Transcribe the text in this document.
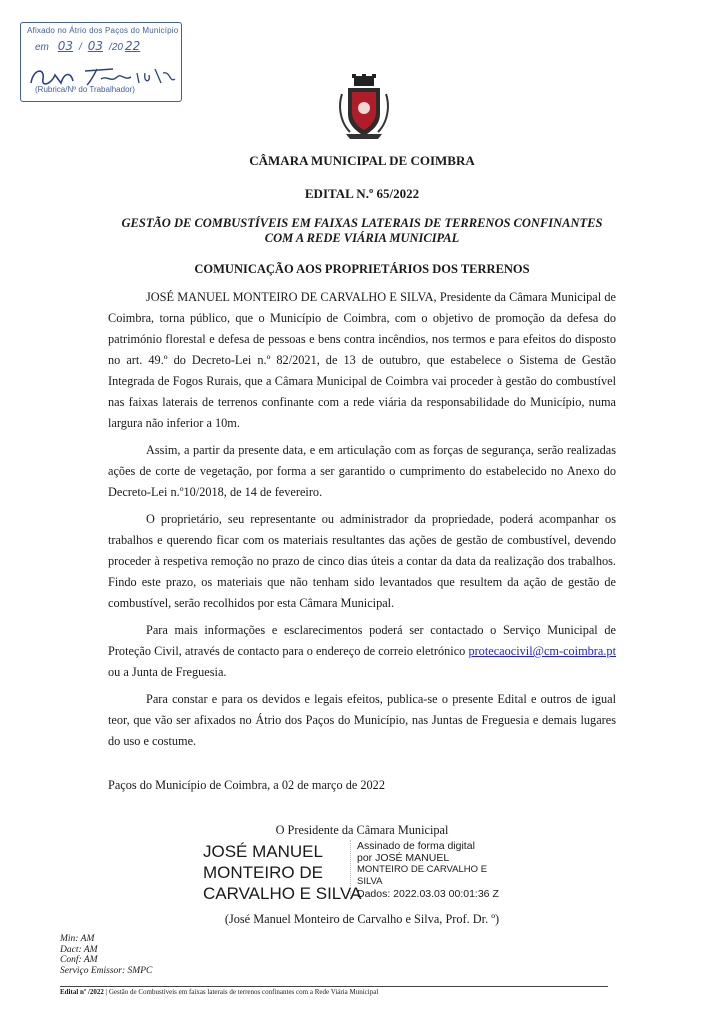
Afixado no Átrio dos Paços do Município
em 03 / 03 /20 22
(Rubrica/Nº do Trabalhador)
CÂMARA MUNICIPAL DE COIMBRA
EDITAL N.º 65/2022
GESTÃO DE COMBUSTÍVEIS EM FAIXAS LATERAIS DE TERRENOS CONFINANTES COM A REDE VIÁRIA MUNICIPAL
COMUNICAÇÃO AOS PROPRIETÁRIOS DOS TERRENOS

JOSÉ MANUEL MONTEIRO DE CARVALHO E SILVA, Presidente da Câmara Municipal de Coimbra, torna público, que o Município de Coimbra, com o objetivo de promoção da defesa do património florestal e defesa de pessoas e bens contra incêndios, nos termos e para efeitos do disposto no art. 49.º do Decreto-Lei n.º 82/2021, de 13 de outubro, que estabelece o Sistema de Gestão Integrada de Fogos Rurais, que a Câmara Municipal de Coimbra vai proceder à gestão do combustível nas faixas laterais de terrenos confinante com a rede viária da responsabilidade do Município, numa largura não inferior a 10m.

Assim, a partir da presente data, e em articulação com as forças de segurança, serão realizadas ações de corte de vegetação, por forma a ser garantido o cumprimento do estabelecido no Anexo do Decreto-Lei n.º10/2018, de 14 de fevereiro.

O proprietário, seu representante ou administrador da propriedade, poderá acompanhar os trabalhos e querendo ficar com os materiais resultantes das ações de gestão de combustível, devendo proceder à respetiva remoção no prazo de cinco dias úteis a contar da data da realização dos trabalhos. Findo este prazo, os materiais que não tenham sido levantados que resultem da ação de gestão de combustível, serão recolhidos por esta Câmara Municipal.

Para mais informações e esclarecimentos poderá ser contactado o Serviço Municipal de Proteção Civil, através de contacto para o endereço de correio eletrónico protecaocivil@cm-coimbra.pt ou a Junta de Freguesia.

Para constar e para os devidos e legais efeitos, publica-se o presente Edital e outros de igual teor, que vão ser afixados no Átrio dos Paços do Município, nas Juntas de Freguesia e demais lugares do uso e costume.

Paços do Município de Coimbra, a 02 de março de 2022
O Presidente da Câmara Municipal
JOSÉ MANUEL
MONTEIRO DE
CARVALHO E SILVA
Assinado de forma digital
por JOSÉ MANUEL
MONTEIRO DE CARVALHO E
SILVA
Dados: 2022.03.03 00:01:36 Z
(José Manuel Monteiro de Carvalho e Silva, Prof. Dr. º)
Min: AM
Dact: AM
Conf: AM
Serviço Emissor: SMPC
Edital nº /2022 | Gestão de Combustíveis em faixas laterais de terrenos confinantes com a Rede Viária Municipal
